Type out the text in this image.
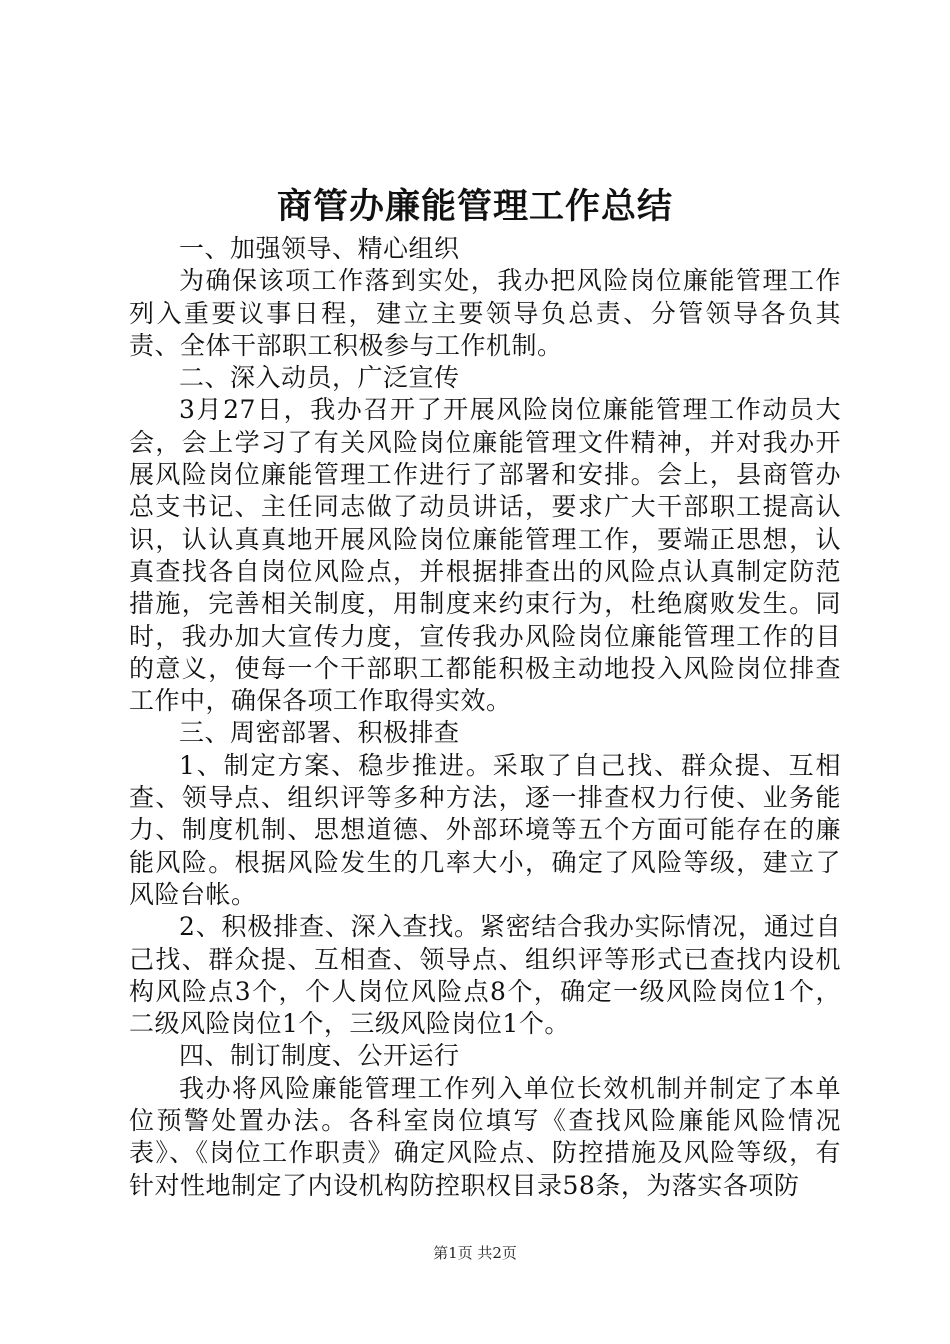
商管办廉能管理工作总结

一、加强领导、精心组织

为确保该项工作落到实处，我办把风险岗位廉能管理工作列入重要议事日程，建立主要领导负总责、分管领导各负其责、全体干部职工积极参与工作机制。

二、深入动员，广泛宣传

3月27日，我办召开了开展风险岗位廉能管理工作动员大会，会上学习了有关风险岗位廉能管理文件精神，并对我办开展风险岗位廉能管理工作进行了部署和安排。会上，县商管办总支书记、主任同志做了动员讲话，要求广大干部职工提高认识，认认真真地开展风险岗位廉能管理工作，要端正思想，认真查找各自岗位风险点，并根据排查出的风险点认真制定防范措施，完善相关制度，用制度来约束行为，杜绝腐败发生。同时，我办加大宣传力度，宣传我办风险岗位廉能管理工作的目的意义，使每一个干部职工都能积极主动地投入风险岗位排查工作中，确保各项工作取得实效。

三、周密部署、积极排查

1、制定方案、稳步推进。采取了自己找、群众提、互相查、领导点、组织评等多种方法，逐一排查权力行使、业务能力、制度机制、思想道德、外部环境等五个方面可能存在的廉能风险。根据风险发生的几率大小，确定了风险等级，建立了风险台帐。

2、积极排查、深入查找。紧密结合我办实际情况，通过自己找、群众提、互相查、领导点、组织评等形式已查找内设机构风险点3个，个人岗位风险点8个，确定一级风险岗位1个，二级风险岗位1个，三级风险岗位1个。

四、制订制度、公开运行

我办将风险廉能管理工作列入单位长效机制并制定了本单位预警处置办法。各科室岗位填写《查找风险廉能风险情况表》、《岗位工作职责》确定风险点、防控措施及风险等级，有针对性地制定了内设机构防控职权目录58条，为落实各项防

第1页 共2页
